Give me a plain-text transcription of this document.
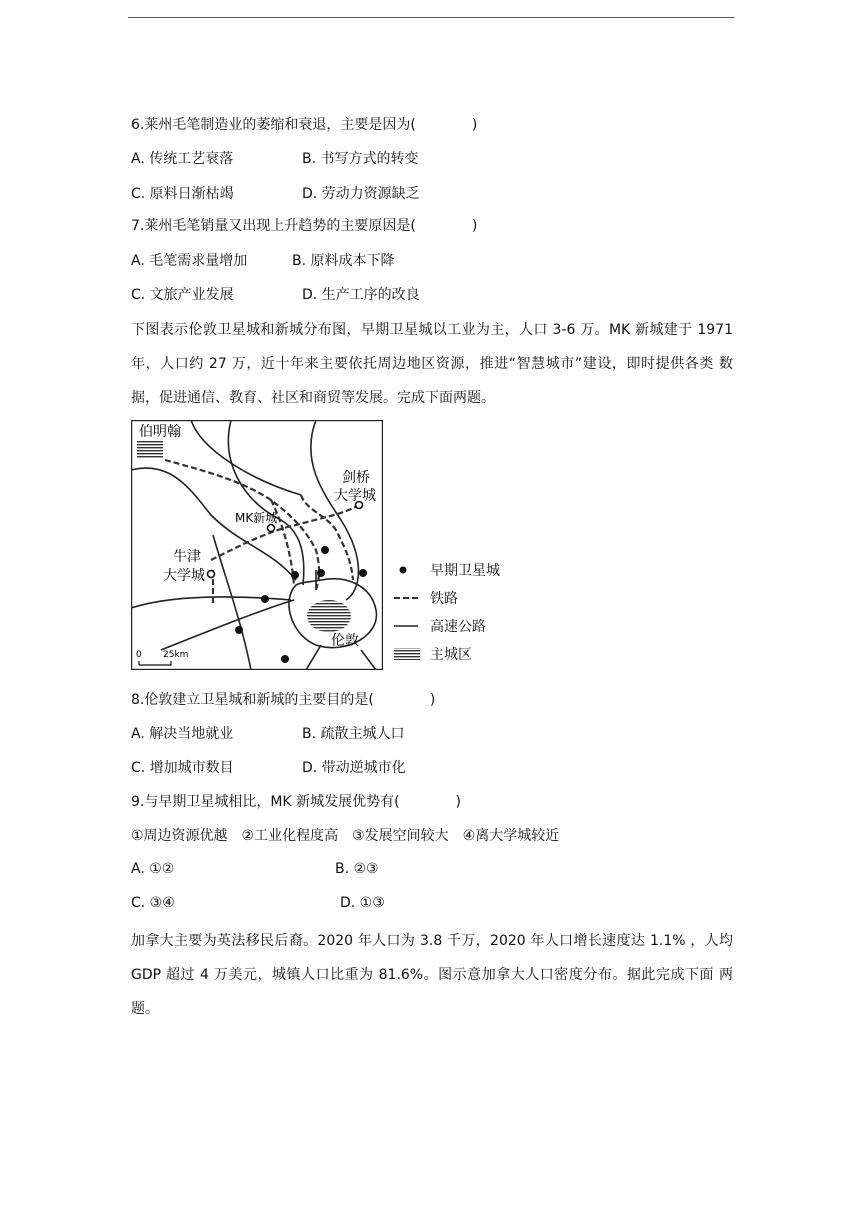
6.莱州毛笔制造业的萎缩和衰退，主要是因为(　　　　)
A. 传统工艺衰落	B. 书写方式的转变
C. 原料日渐枯竭	D. 劳动力资源缺乏
7.莱州毛笔销量又出现上升趋势的主要原因是(　　　　)
A. 毛笔需求量增加	B. 原料成本下降
C. 文旅产业发展	D. 生产工序的改良
下图表示伦敦卫星城和新城分布图，早期卫星城以工业为主，人口 3-6 万。MK 新城建于 1971 年，人口约 27 万，近十年来主要依托周边地区资源，推进“智慧城市”建设，即时提供各类 数据，促进通信、教育、社区和商贸等发展。完成下面两题。
伯明翰
剑桥
大学城
MK新城
牛津
大学城
伦敦
0 25km
早期卫星城
铁路
高速公路
主城区
8.伦敦建立卫星城和新城的主要目的是(　　　　)
A. 解决当地就业	B. 疏散主城人口
C. 增加城市数目	D. 带动逆城市化
9.与早期卫星城相比，MK 新城发展优势有(　　　　)
①周边资源优越　②工业化程度高　③发展空间较大　④离大学城较近
A. ①②	B. ②③
C. ③④	D. ①③
加拿大主要为英法移民后裔。2020 年人口为 3.8 千万，2020 年人口增长速度达 1.1% ，人均 GDP 超过 4 万美元，城镇人口比重为 81.6%。图示意加拿大人口密度分布。据此完成下面 两题。
